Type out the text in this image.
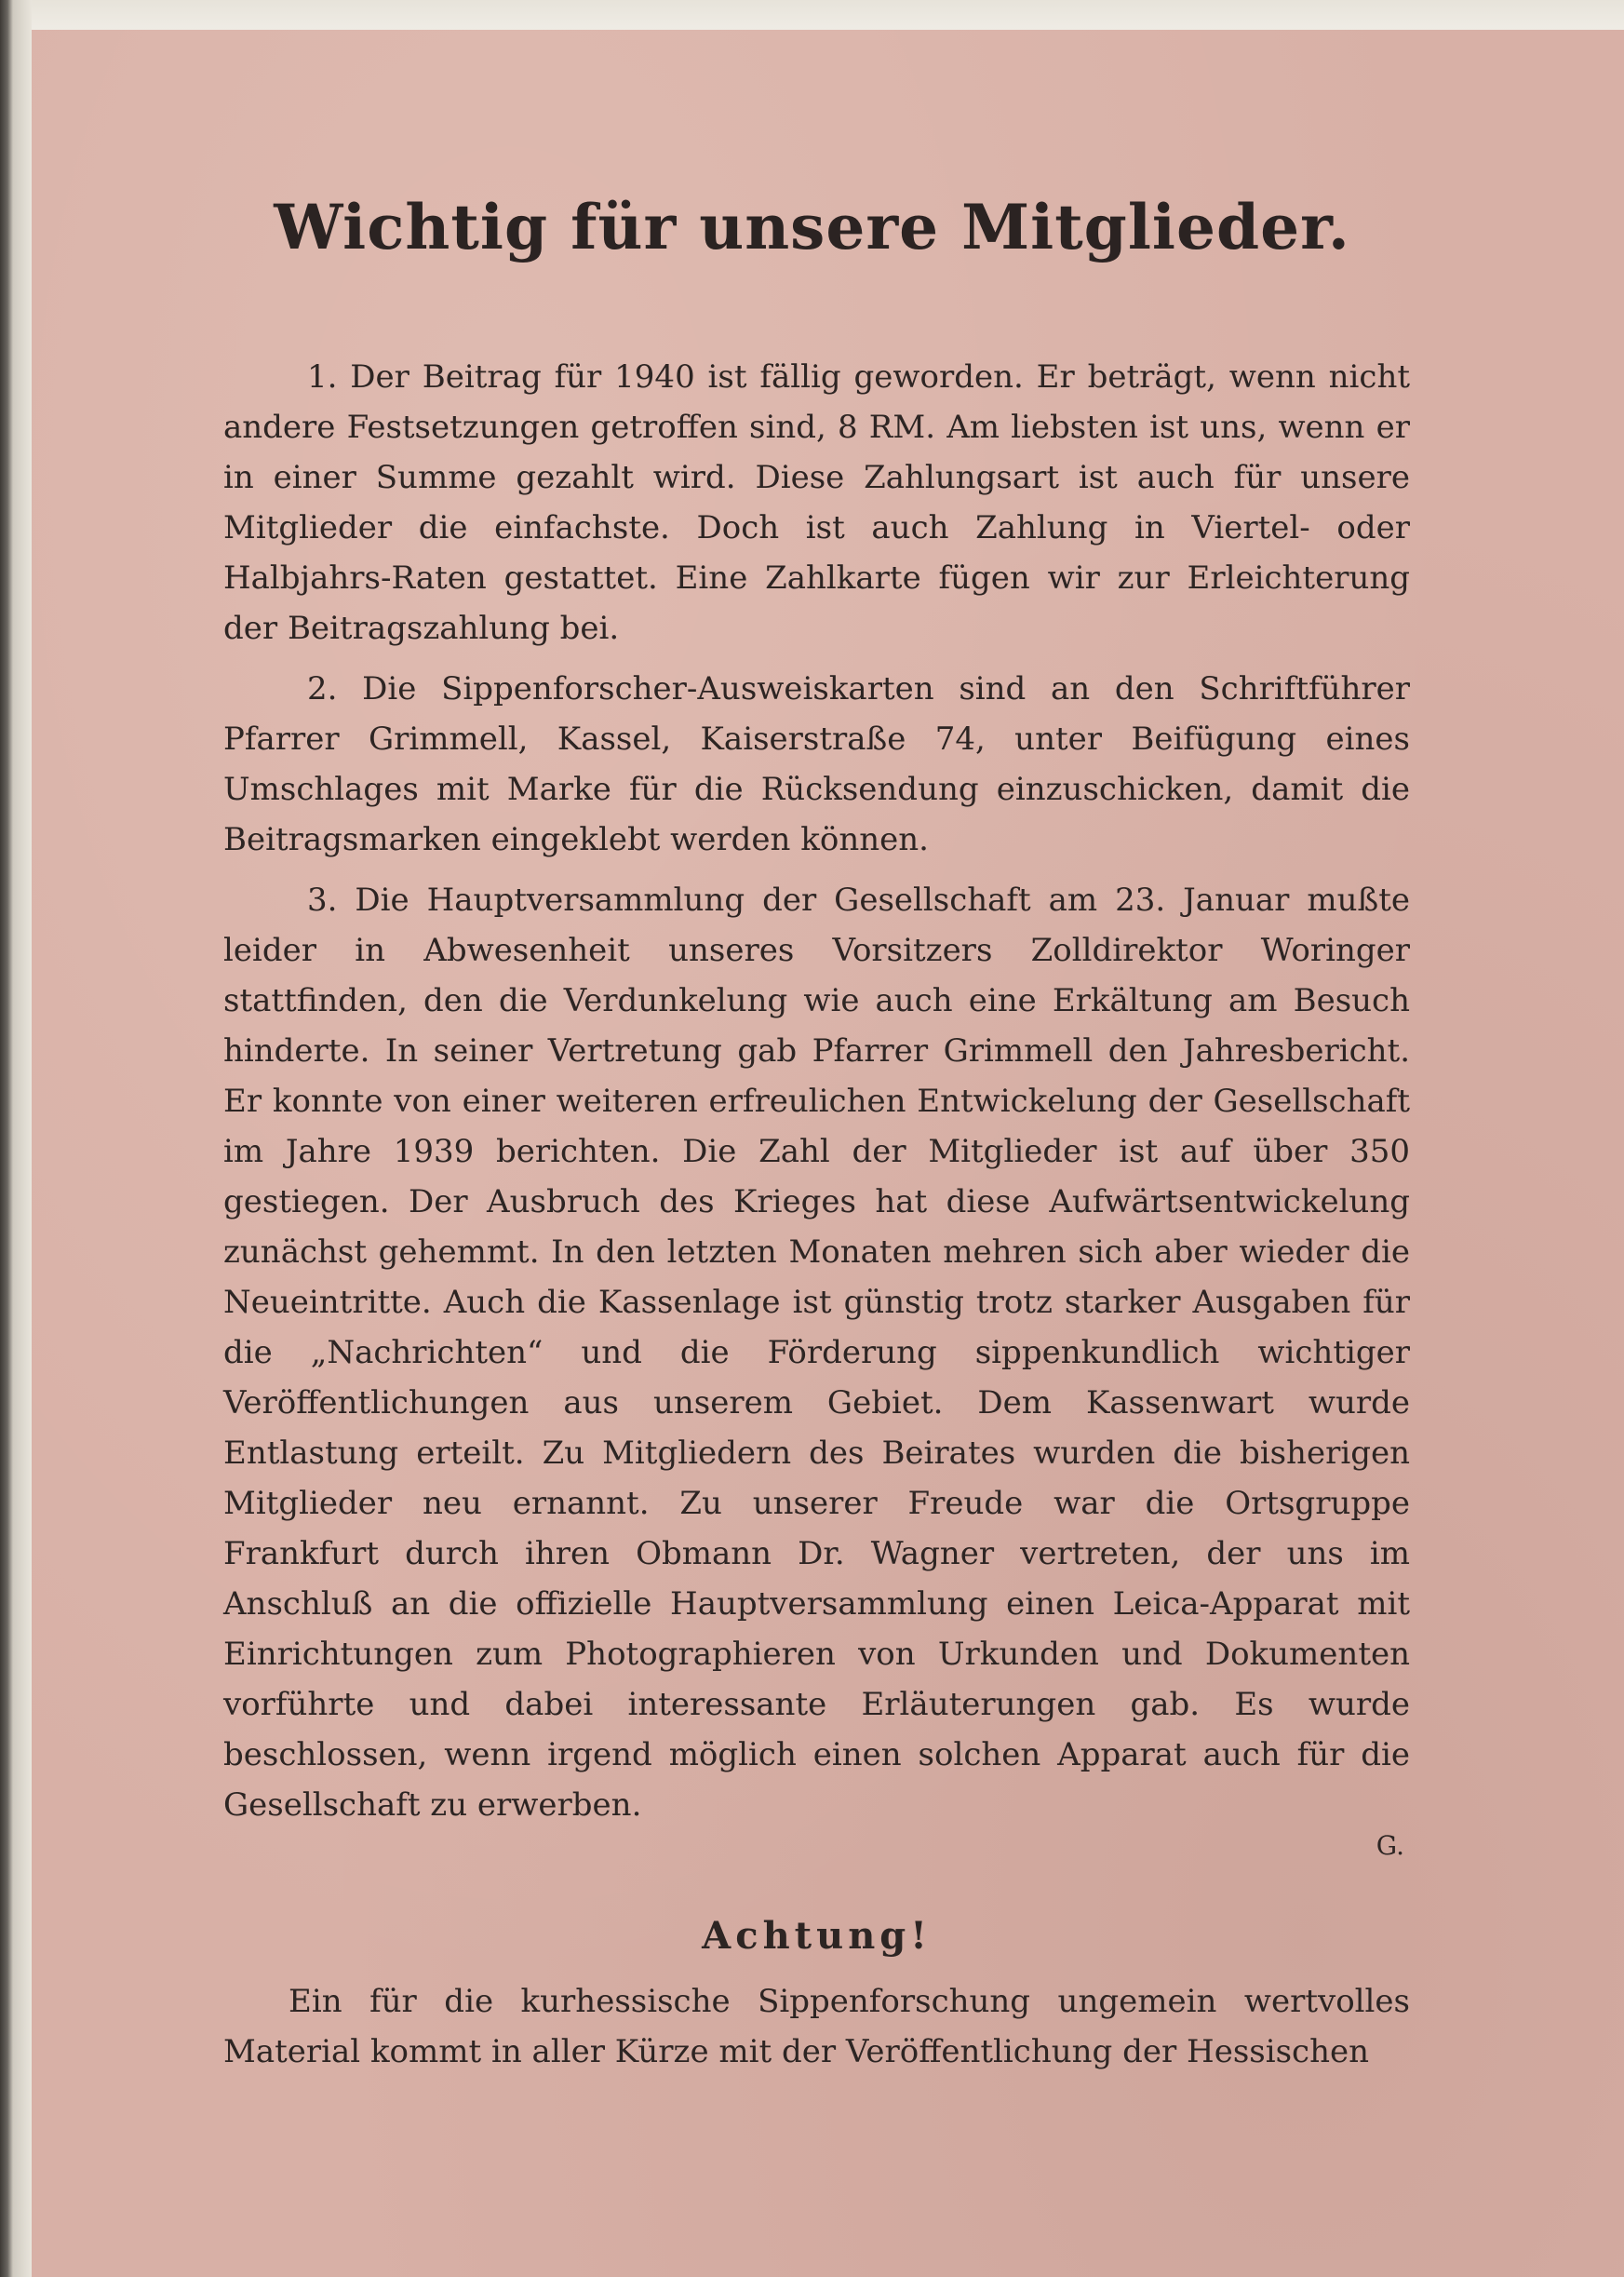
Wichtig für unsere Mitglieder.

1. Der Beitrag für 1940 ist fällig geworden. Er beträgt, wenn nicht andere Festsetzungen getroffen sind, 8 RM. Am liebsten ist uns, wenn er in einer Summe gezahlt wird. Diese Zahlungsart ist auch für unsere Mitglieder die einfachste. Doch ist auch Zahlung in Viertel- oder Halbjahrs-Raten gestattet. Eine Zahlkarte fügen wir zur Erleichterung der Beitragszahlung bei.

2. Die Sippenforscher-Ausweiskarten sind an den Schriftführer Pfarrer Grimmell, Kassel, Kaiserstraße 74, unter Beifügung eines Umschlages mit Marke für die Rücksendung einzuschicken, damit die Beitragsmarken eingeklebt werden können.

3. Die Hauptversammlung der Gesellschaft am 23. Januar mußte leider in Abwesenheit unseres Vorsitzers Zolldirektor Woringer stattfinden, den die Verdunkelung wie auch eine Erkältung am Besuch hinderte. In seiner Vertretung gab Pfarrer Grimmell den Jahresbericht. Er konnte von einer weiteren erfreulichen Entwickelung der Gesellschaft im Jahre 1939 berichten. Die Zahl der Mitglieder ist auf über 350 gestiegen. Der Ausbruch des Krieges hat diese Aufwärtsentwickelung zunächst gehemmt. In den letzten Monaten mehren sich aber wieder die Neueintritte. Auch die Kassenlage ist günstig trotz starker Ausgaben für die „Nachrichten“ und die Förderung sippenkundlich wichtiger Veröffentlichungen aus unserem Gebiet. Dem Kassenwart wurde Entlastung erteilt. Zu Mitgliedern des Beirates wurden die bisherigen Mitglieder neu ernannt. Zu unserer Freude war die Ortsgruppe Frankfurt durch ihren Obmann Dr. Wagner vertreten, der uns im Anschluß an die offizielle Hauptversammlung einen Leica-Apparat mit Einrichtungen zum Photographieren von Urkunden und Dokumenten vorführte und dabei interessante Erläuterungen gab. Es wurde beschlossen, wenn irgend möglich einen solchen Apparat auch für die Gesellschaft zu erwerben.

G.
Achtung!

Ein für die kurhessische Sippenforschung ungemein wertvolles Material kommt in aller Kürze mit der Veröffentlichung der Hessischen
